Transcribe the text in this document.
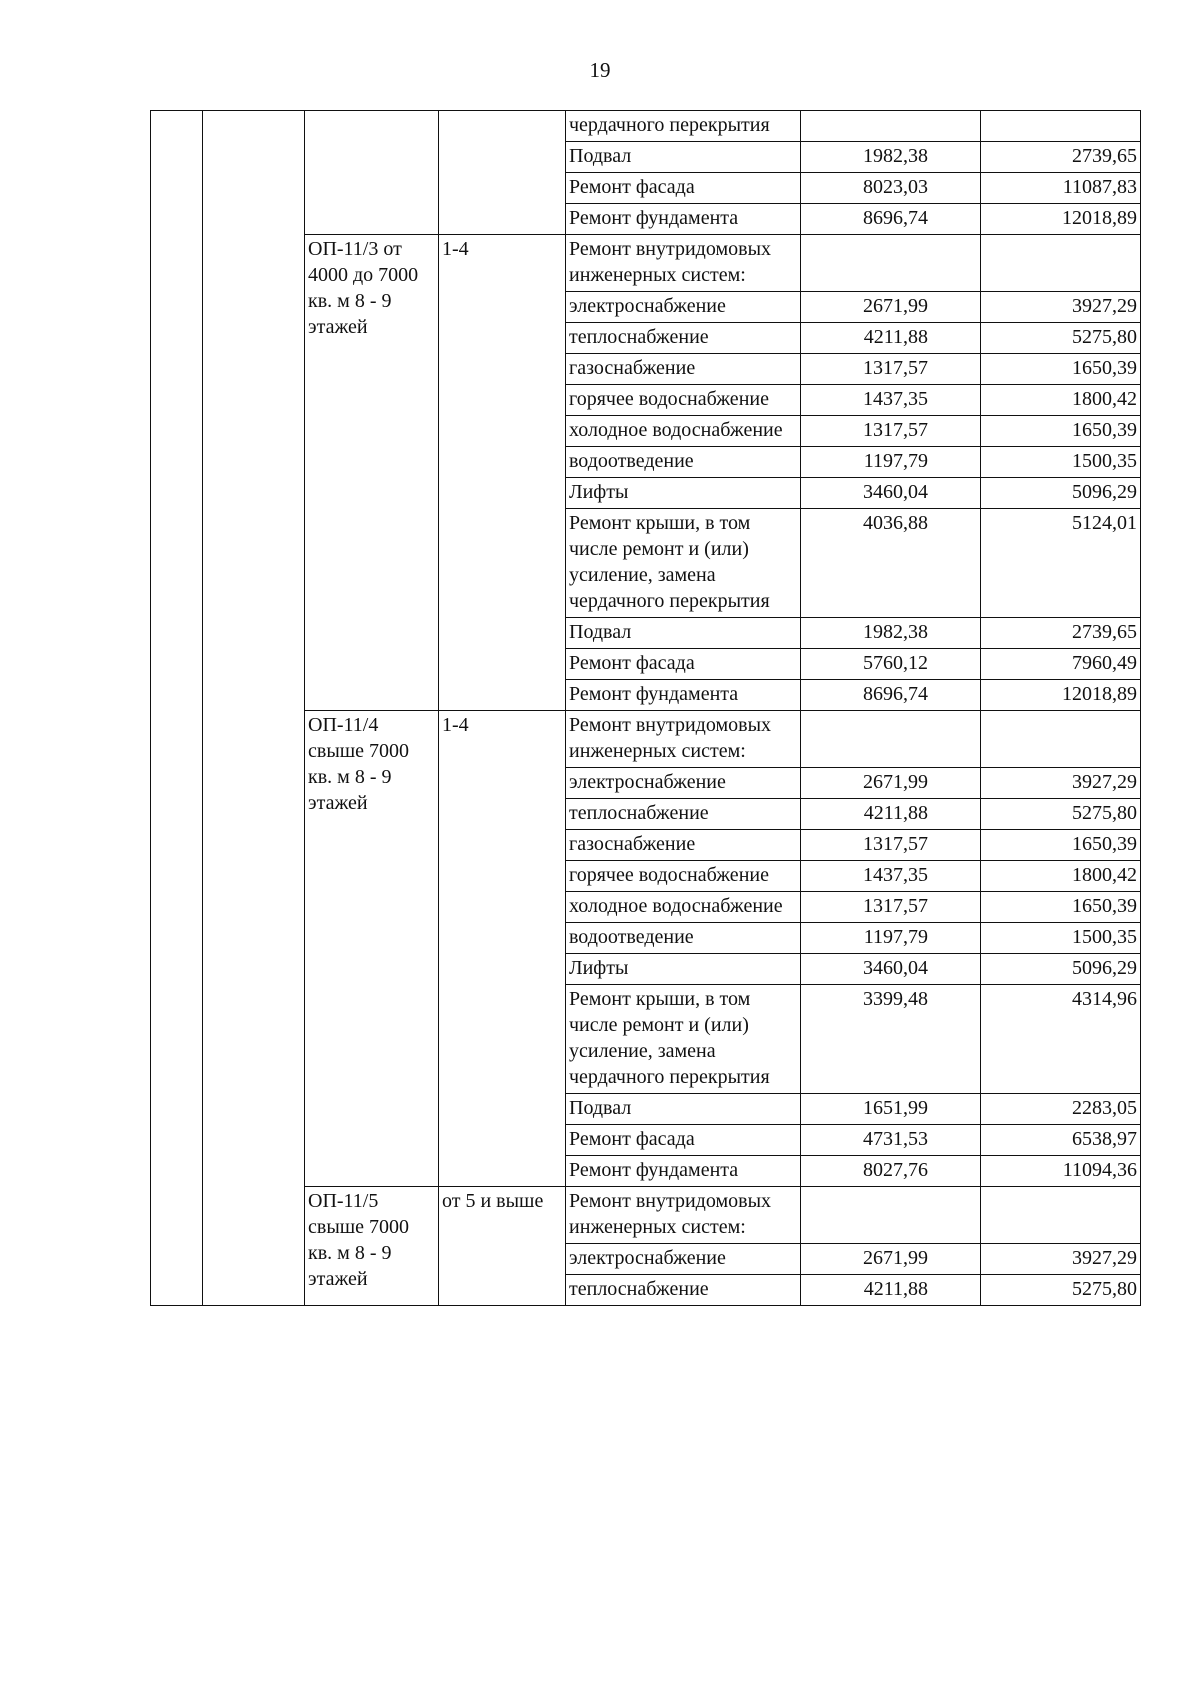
19
				чердачного перекрытия		
				Подвал	1982,38	2739,65
				Ремонт фасада	8023,03	11087,83
				Ремонт фундамента	8696,74	12018,89
		ОП-11/3 от 4000 до 7000 кв. м 8 - 9 этажей	1-4	Ремонт внутридомовых инженерных систем:		
				электроснабжение	2671,99	3927,29
				теплоснабжение	4211,88	5275,80
				газоснабжение	1317,57	1650,39
				горячее водоснабжение	1437,35	1800,42
				холодное водоснабжение	1317,57	1650,39
				водоотведение	1197,79	1500,35
				Лифты	3460,04	5096,29
				Ремонт крыши, в том числе ремонт и (или) усиление, замена чердачного перекрытия	4036,88	5124,01
				Подвал	1982,38	2739,65
				Ремонт фасада	5760,12	7960,49
				Ремонт фундамента	8696,74	12018,89
		ОП-11/4 свыше 7000 кв. м 8 - 9 этажей	1-4	Ремонт внутридомовых инженерных систем:		
				электроснабжение	2671,99	3927,29
				теплоснабжение	4211,88	5275,80
				газоснабжение	1317,57	1650,39
				горячее водоснабжение	1437,35	1800,42
				холодное водоснабжение	1317,57	1650,39
				водоотведение	1197,79	1500,35
				Лифты	3460,04	5096,29
				Ремонт крыши, в том числе ремонт и (или) усиление, замена чердачного перекрытия	3399,48	4314,96
				Подвал	1651,99	2283,05
				Ремонт фасада	4731,53	6538,97
				Ремонт фундамента	8027,76	11094,36
		ОП-11/5 свыше 7000 кв. м 8 - 9 этажей	от 5 и выше	Ремонт внутридомовых инженерных систем:		
				электроснабжение	2671,99	3927,29
				теплоснабжение	4211,88	5275,80
